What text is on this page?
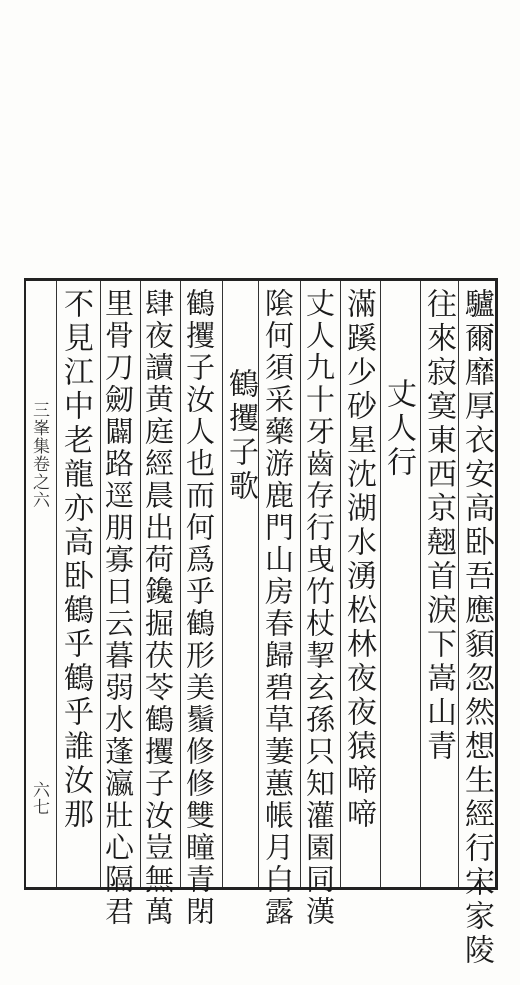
三峯集卷之六
六七	驢爾靡厚衣安高卧吾應䫉忽然想生經行宋家陵
往來寂寞東西京翹首淚下嵩山青
丈人行
滿蹊少砂星沈湖水湧松林夜夜猿啼啼
丈人九十牙齒存行曳竹杖挈玄孫只知灌園同漢
隂何須采藥游鹿門山房春歸碧草萋蕙帳月白露
鶴攫子歌
鶴攫子汝人也而何爲乎鶴形美鬚修修雙瞳青閉
肆夜讀黄庭經晨出荷鑱掘茯苓鶴攫子汝豈無萬
里骨刀劒闢路逕朋寡日云暮弱水蓬瀛壯心隔君
不見江中老龍亦高卧鶴乎鶴乎誰汝那
